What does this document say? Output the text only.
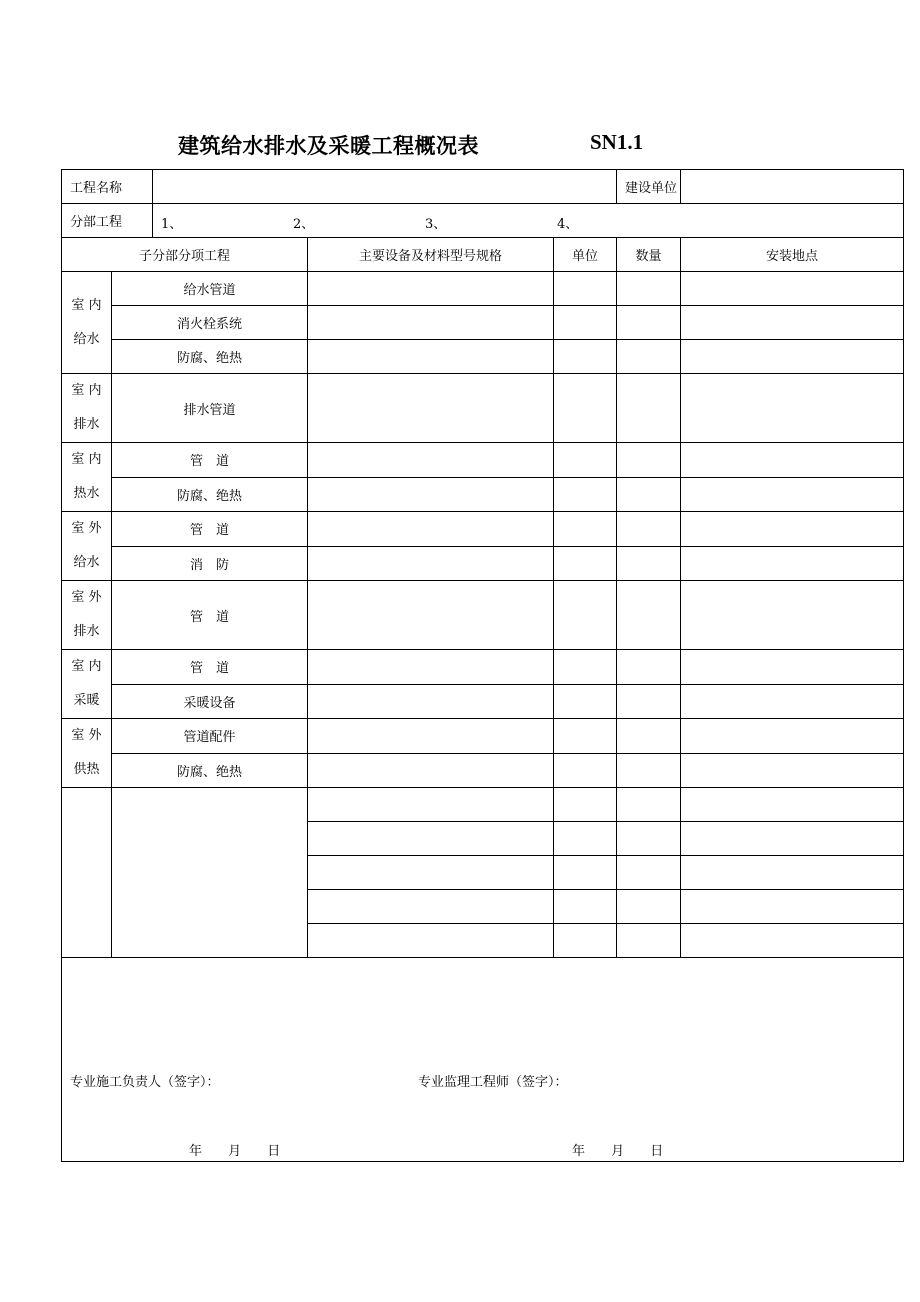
建筑给水排水及采暖工程概况表	SN1.1
工程名称					建设单位	
分部工程		1、 2、 3、 4、				

子分部分项工程			主要设备及材料型号规格	单位	数量	安装地点

室 内
给水	给水管道					
	消火栓系统					
	防腐、绝热					

室 内
排水	排水管道					

室 内
热水	管　道					
	防腐、绝热					

室 外
给水	管　道					
	消　防					

室 外
排水	管　道					

室 内
采暖	管　道					
	采暖设备					

室 外
供热	管道配件					
	防腐、绝热					

专业施工负责人（签字）： 专业监理工程师（签字）：
年 月 日 年 月 日						
